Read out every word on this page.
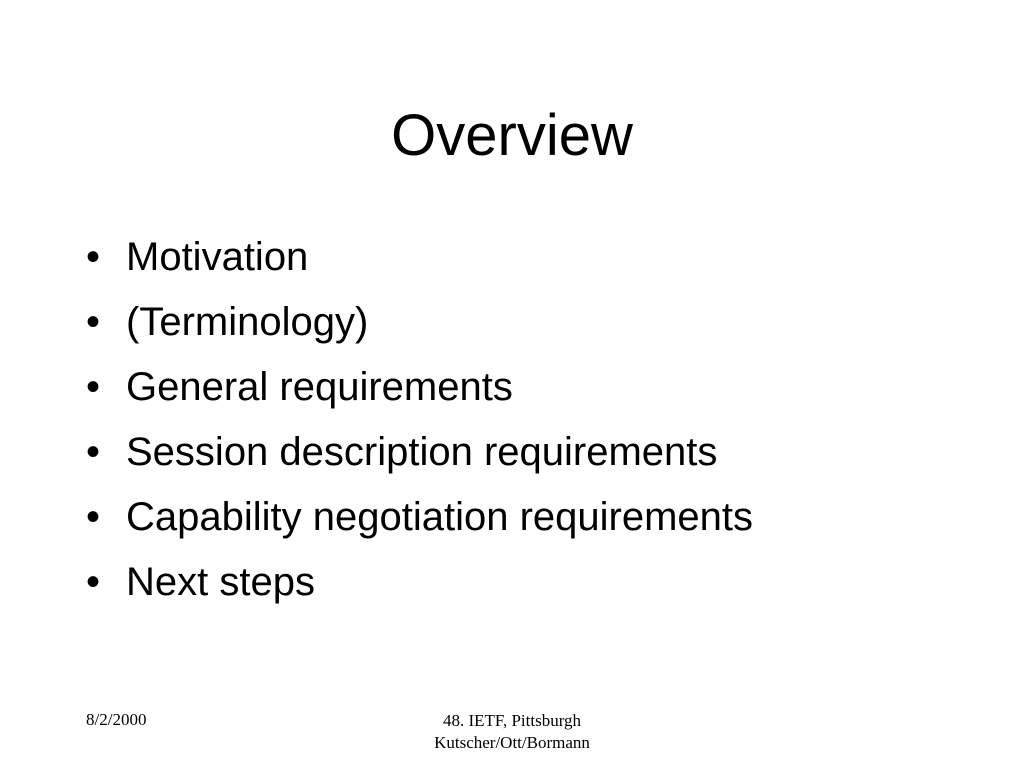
Overview
• Motivation
• (Terminology)
• General requirements
• Session description requirements
• Capability negotiation requirements
• Next steps
8/2/2000	48. IETF, Pittsburgh
Kutscher/Ott/Bormann
